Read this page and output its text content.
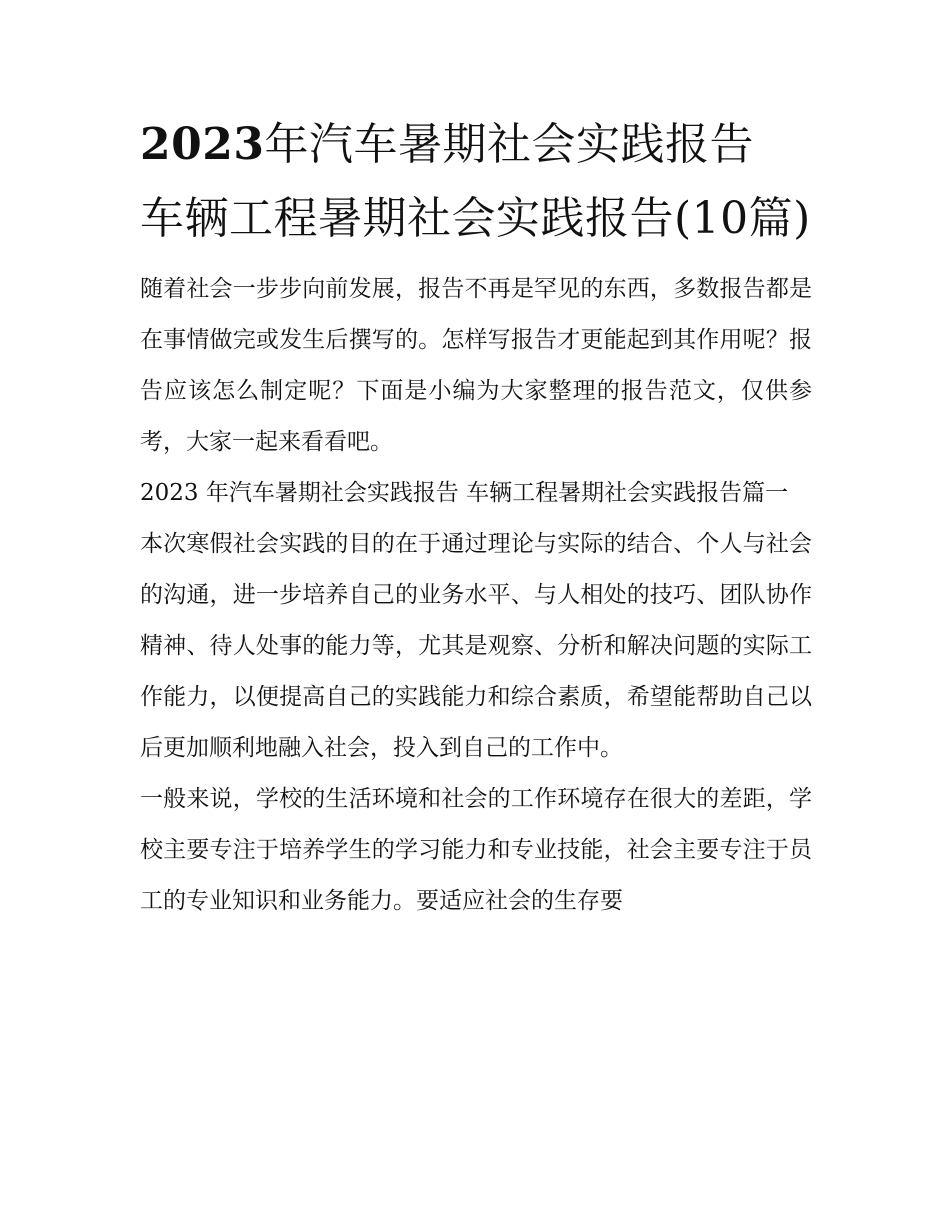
2023年汽车暑期社会实践报告 车辆工程暑期社会实践报告(10篇)

随着社会一步步向前发展，报告不再是罕见的东西，多数报告都是在事情做完或发生后撰写的。怎样写报告才更能起到其作用呢？报告应该怎么制定呢？下面是小编为大家整理的报告范文，仅供参考，大家一起来看看吧。

2023 年汽车暑期社会实践报告 车辆工程暑期社会实践报告篇一

本次寒假社会实践的目的在于通过理论与实际的结合、个人与社会的沟通，进一步培养自己的业务水平、与人相处的技巧、团队协作精神、待人处事的能力等，尤其是观察、分析和解决问题的实际工作能力，以便提高自己的实践能力和综合素质，希望能帮助自己以后更加顺利地融入社会，投入到自己的工作中。

一般来说，学校的生活环境和社会的工作环境存在很大的差距，学校主要专注于培养学生的学习能力和专业技能，社会主要专注于员工的专业知识和业务能力。要适应社会的生存要
